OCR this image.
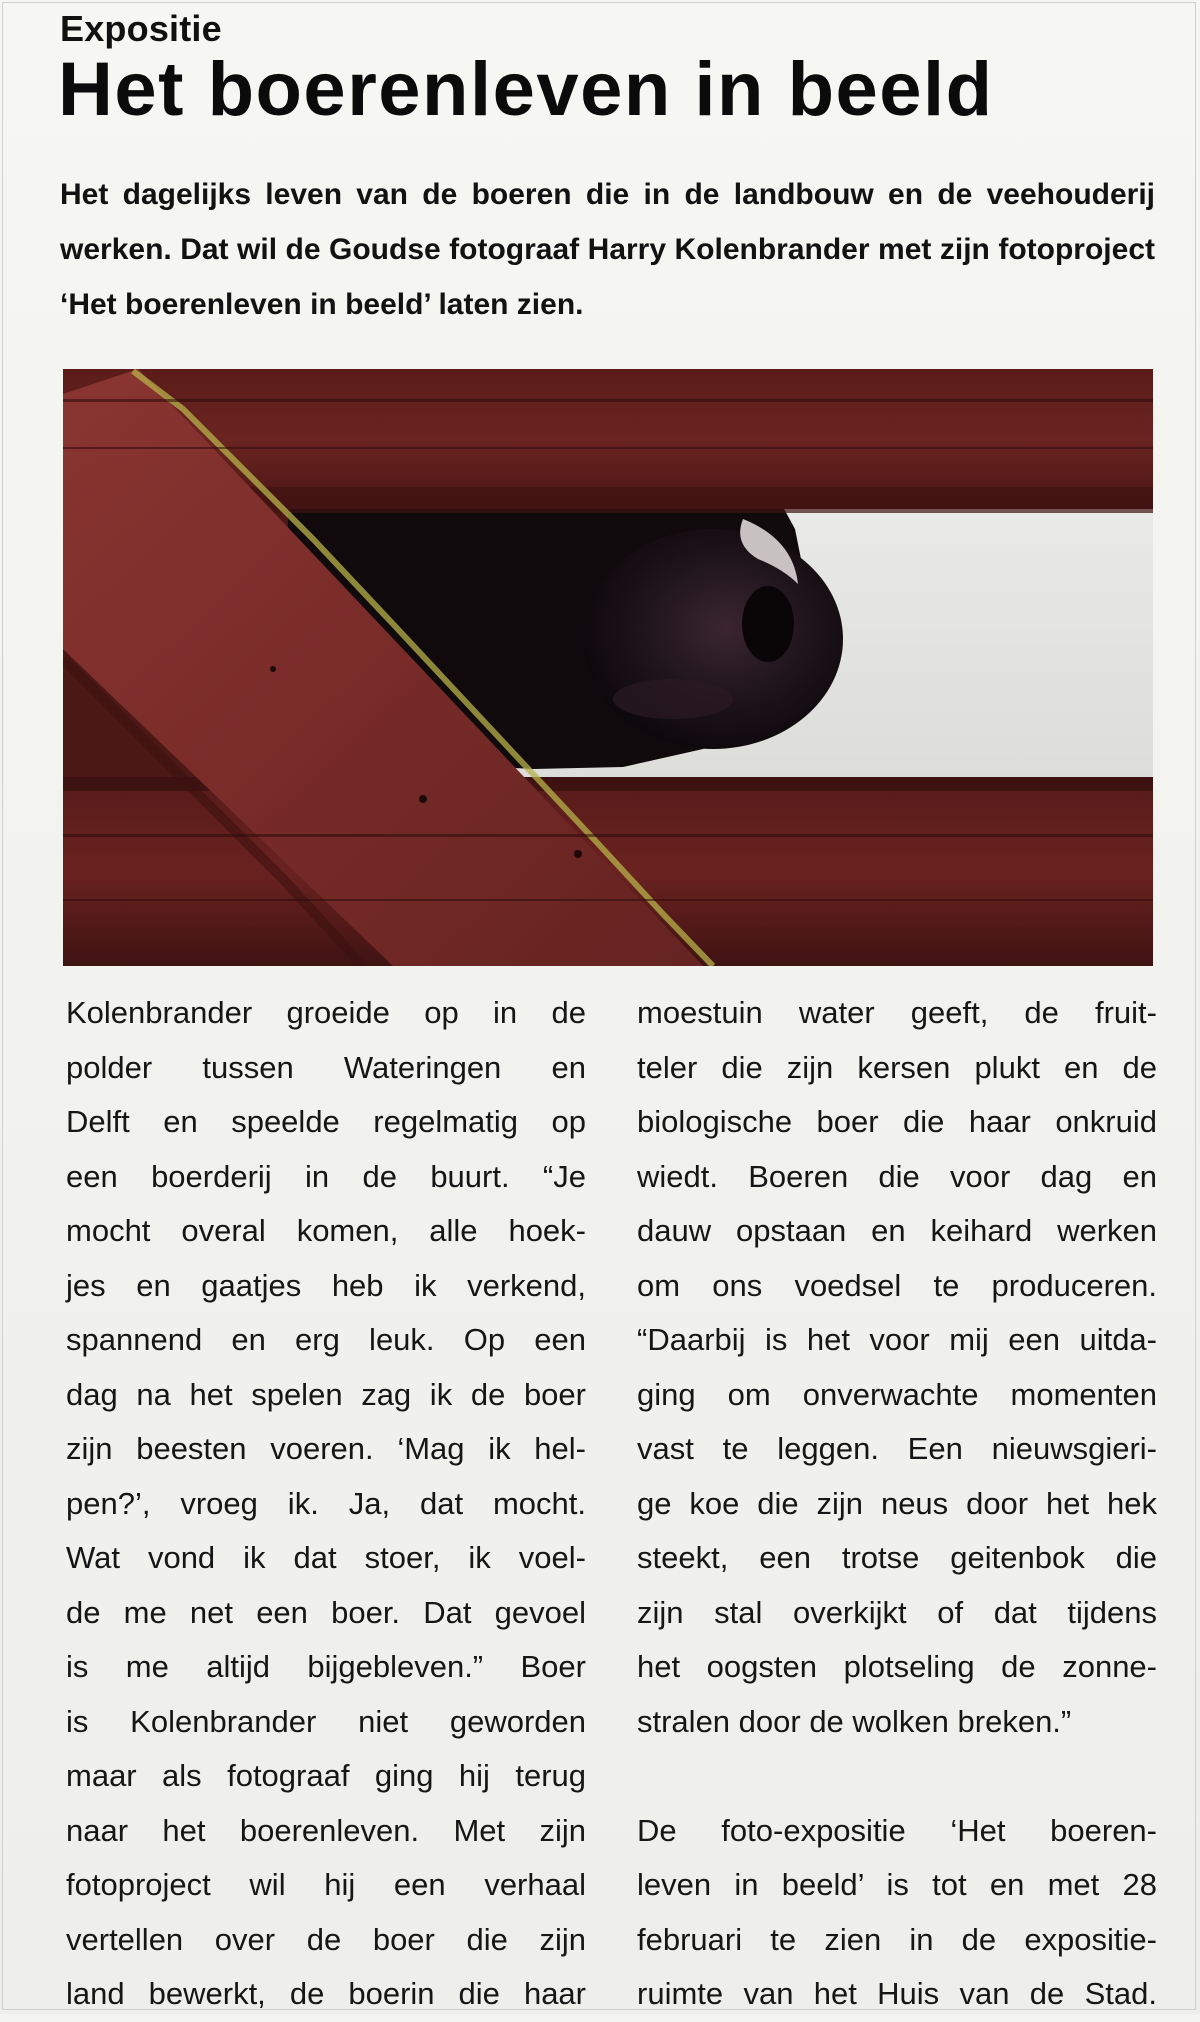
Expositie
Het boerenleven in beeld
Het dagelijks leven van de boeren die in de landbouw en de veehouderij werken. Dat wil de Goudse fotograaf Harry Kolenbrander met zijn fotoproject ‘Het boerenleven in beeld’ laten zien.
Kolenbrander groeide op in de
polder tussen Wateringen en
Delft en speelde regelmatig op
een boerderij in de buurt. “Je
mocht overal komen, alle hoek-
jes en gaatjes heb ik verkend,
spannend en erg leuk. Op een
dag na het spelen zag ik de boer
zijn beesten voeren. ‘Mag ik hel-
pen?’, vroeg ik. Ja, dat mocht.
Wat vond ik dat stoer, ik voel-
de me net een boer. Dat gevoel
is me altijd bijgebleven.” Boer
is Kolenbrander niet geworden
maar als fotograaf ging hij terug
naar het boerenleven. Met zijn
fotoproject wil hij een verhaal
vertellen over de boer die zijn
land bewerkt, de boerin die haar
moestuin water geeft, de fruit-
teler die zijn kersen plukt en de
biologische boer die haar onkruid
wiedt. Boeren die voor dag en
dauw opstaan en keihard werken
om ons voedsel te produceren.
“Daarbij is het voor mij een uitda-
ging om onverwachte momenten
vast te leggen. Een nieuwsgieri-
ge koe die zijn neus door het hek
steekt, een trotse geitenbok die
zijn stal overkijkt of dat tijdens
het oogsten plotseling de zonne-
stralen door de wolken breken.”
De foto-expositie ‘Het boeren-
leven in beeld’ is tot en met 28
februari te zien in de expositie-
ruimte van het Huis van de Stad.
